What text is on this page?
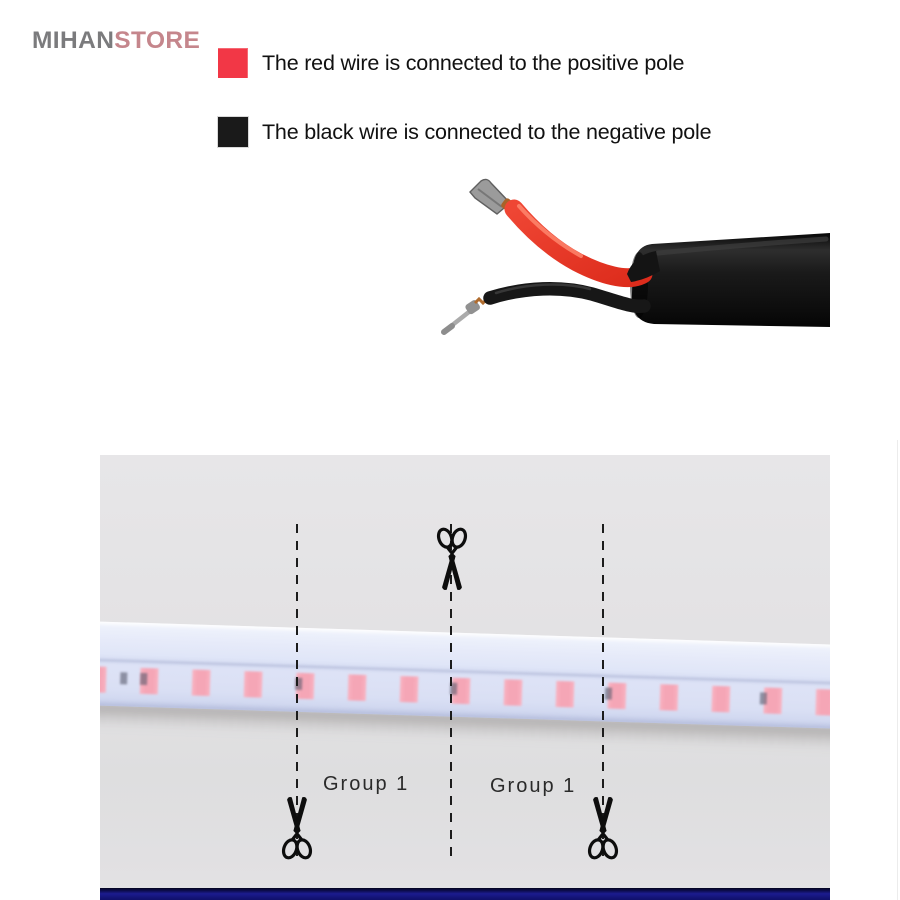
MIHANSTORE
The red wire is connected to the positive pole
The black wire is connected to the negative pole
Group 1	Group 1
